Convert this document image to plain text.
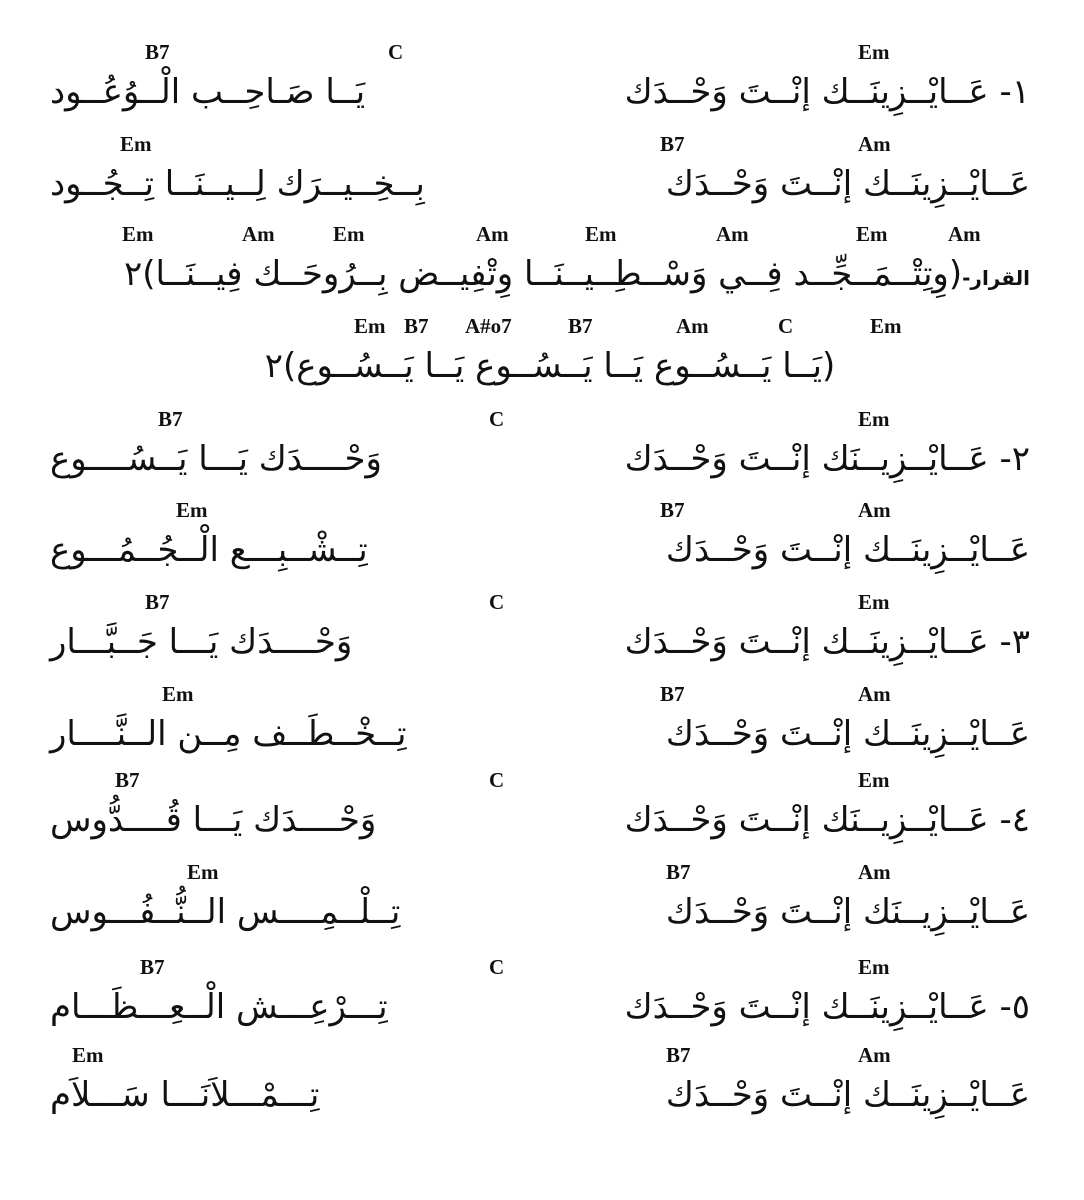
B7	C	Em
يَــا صَـاحِــب الْــوُعُــود	١- عَــايْــزِينَــك إنْــتَ وَحْــدَك
Em	B7	Am
بِــخِــيــرَك لِــيــنَــا تِــجُــود	عَــايْــزِينَــك إنْــتَ وَحْــدَك
Em	Am	Em	Am	Em	Am	Em	Am
القرار-(وِتِتْــمَــجِّــد فِــي وَسْــطِــيــنَــا وِتْفِيــض بِــرُوحَــك فِيــنَــا)٢
Em B7 A#o7	B7	Am	C	Em
(يَــا يَــسُــوع يَــا يَــسُــوع يَــا يَــسُــوع)٢
B7	C	Em
وَحْــــدَك يَـــا يَــسُــــوع	٢- عَــايْــزِيــنَك إنْــتَ وَحْــدَك
Em	B7	Am
تِــشْــبِـــع الْــجُــمُـــوع	عَــايْــزِينَــك إنْــتَ وَحْــدَك
B7	C	Em
وَحْــــدَك يَـــا جَــبَّـــار	٣- عَــايْــزِينَــك إنْــتَ وَحْــدَك
Em	B7	Am
تِــخْــطَــف مِــن الــنَّــــار	عَــايْــزِينَــك إنْــتَ وَحْــدَك
B7	C	Em
وَحْــــدَك يَـــا قُــــدُّوس	٤- عَــايْــزِيــنَك إنْــتَ وَحْــدَك
Em	B7	Am
تِــلْــمِــــس الــنُّــفُـــوس	عَــايْــزِيــنَك إنْــتَ وَحْــدَك
B7	C	Em
تِـــرْعِـــش الْــعِـــظَـــام	٥- عَــايْــزِينَــك إنْــتَ وَحْــدَك
Em	B7	Am
تِـــمْـــلاَنَـــا سَـــلاَم	عَــايْــزِينَــك إنْــتَ وَحْــدَك
